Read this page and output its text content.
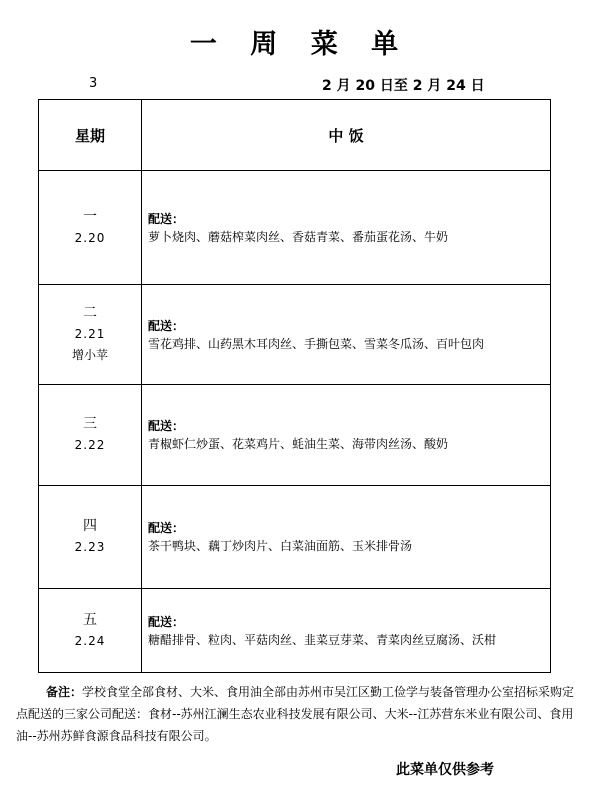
一 周 菜 单
3	2 月 20 日至 2 月 24 日
星期	中 饭

一
2.20	配送：
萝卜烧肉、蘑菇榨菜肉丝、香菇青菜、番茄蛋花汤、牛奶

二
2.21
增小苹	配送：
雪花鸡排、山药黑木耳肉丝、手撕包菜、雪菜冬瓜汤、百叶包肉

三
2.22	配送：
青椒虾仁炒蛋、花菜鸡片、蚝油生菜、海带肉丝汤、酸奶

四
2.23	配送：
茶干鸭块、藕丁炒肉片、白菜油面筋、玉米排骨汤

五
2.24	配送：
糖醋排骨、粒肉、平菇肉丝、韭菜豆芽菜、青菜肉丝豆腐汤、沃柑
备注：学校食堂全部食材、大米、食用油全部由苏州市吴江区勤工俭学与装备管理办公室招标采购定点配送的三家公司配送：食材--苏州江澜生态农业科技发展有限公司、大米--江苏营东米业有限公司、食用油--苏州苏鲜食源食品科技有限公司。
此菜单仅供参考
